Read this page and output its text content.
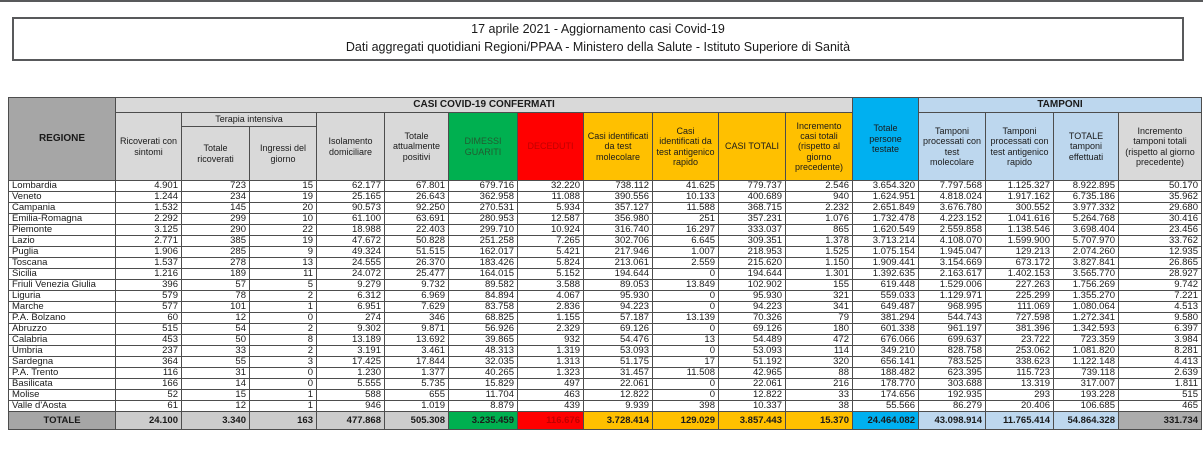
17 aprile 2021 - Aggiornamento casi Covid-19

Dati aggregati quotidiani Regioni/PPAA - Ministero della Salute - Istituto Superiore di Sanità

REGIONE	CASI COVID-19 CONFERMATI											Totale persone testate	TAMPONI			
	Ricoverati con sintomi	Terapia intensiva		Isolamento domiciliare	Totale attualmente positivi	DIMESSI GUARITI	DECEDUTI	Casi identificati da test molecolare	Casi identificati da test antigenico rapido	CASI TOTALI	Incremento casi totali (rispetto al giorno precedente)		Tamponi processati con test molecolare	Tamponi processati con test antigenico rapido	TOTALE tamponi effettuati	Incremento tamponi totali (rispetto al giorno precedente)
		Totale ricoverati	Ingressi del giorno													
Lombardia	4.901	723	15	62.177	67.801	679.716	32.220	738.112	41.625	779.737	2.546	3.654.320	7.797.568	1.125.327	8.922.895	50.170
Veneto	1.244	234	19	25.165	26.643	362.958	11.088	390.556	10.133	400.689	940	1.624.951	4.818.024	1.917.162	6.735.186	35.962
Campania	1.532	145	20	90.573	92.250	270.531	5.934	357.127	11.588	368.715	2.232	2.651.849	3.676.780	300.552	3.977.332	29.680
Emilia-Romagna	2.292	299	10	61.100	63.691	280.953	12.587	356.980	251	357.231	1.076	1.732.478	4.223.152	1.041.616	5.264.768	30.416
Piemonte	3.125	290	22	18.988	22.403	299.710	10.924	316.740	16.297	333.037	865	1.620.549	2.559.858	1.138.546	3.698.404	23.456
Lazio	2.771	385	19	47.672	50.828	251.258	7.265	302.706	6.645	309.351	1.378	3.713.214	4.108.070	1.599.900	5.707.970	33.762
Puglia	1.906	285	9	49.324	51.515	162.017	5.421	217.946	1.007	218.953	1.525	1.075.154	1.945.047	129.213	2.074.260	12.935
Toscana	1.537	278	13	24.555	26.370	183.426	5.824	213.061	2.559	215.620	1.150	1.909.441	3.154.669	673.172	3.827.841	26.865
Sicilia	1.216	189	11	24.072	25.477	164.015	5.152	194.644	0	194.644	1.301	1.392.635	2.163.617	1.402.153	3.565.770	28.927
Friuli Venezia Giulia	396	57	5	9.279	9.732	89.582	3.588	89.053	13.849	102.902	155	619.448	1.529.006	227.263	1.756.269	9.742
Liguria	579	78	2	6.312	6.969	84.894	4.067	95.930	0	95.930	321	559.033	1.129.971	225.299	1.355.270	7.221
Marche	577	101	1	6.951	7.629	83.758	2.836	94.223	0	94.223	341	649.487	968.995	111.069	1.080.064	4.513
P.A. Bolzano	60	12	0	274	346	68.825	1.155	57.187	13.139	70.326	79	381.294	544.743	727.598	1.272.341	9.580
Abruzzo	515	54	2	9.302	9.871	56.926	2.329	69.126	0	69.126	180	601.338	961.197	381.396	1.342.593	6.397
Calabria	453	50	8	13.189	13.692	39.865	932	54.476	13	54.489	472	676.066	699.637	23.722	723.359	3.984
Umbria	237	33	2	3.191	3.461	48.313	1.319	53.093	0	53.093	114	349.210	828.758	253.062	1.081.820	8.281
Sardegna	364	55	3	17.425	17.844	32.035	1.313	51.175	17	51.192	320	656.141	783.525	338.623	1.122.148	4.413
P.A. Trento	116	31	0	1.230	1.377	40.265	1.323	31.457	11.508	42.965	88	188.482	623.395	115.723	739.118	2.639
Basilicata	166	14	0	5.555	5.735	15.829	497	22.061	0	22.061	216	178.770	303.688	13.319	317.007	1.811
Molise	52	15	1	588	655	11.704	463	12.822	0	12.822	33	174.656	192.935	293	193.228	515
Valle d'Aosta	61	12	1	946	1.019	8.879	439	9.939	398	10.337	38	55.566	86.279	20.406	106.685	465
TOTALE	24.100	3.340	163	477.868	505.308	3.235.459	116.676	3.728.414	129.029	3.857.443	15.370	24.464.082	43.098.914	11.765.414	54.864.328	331.734
